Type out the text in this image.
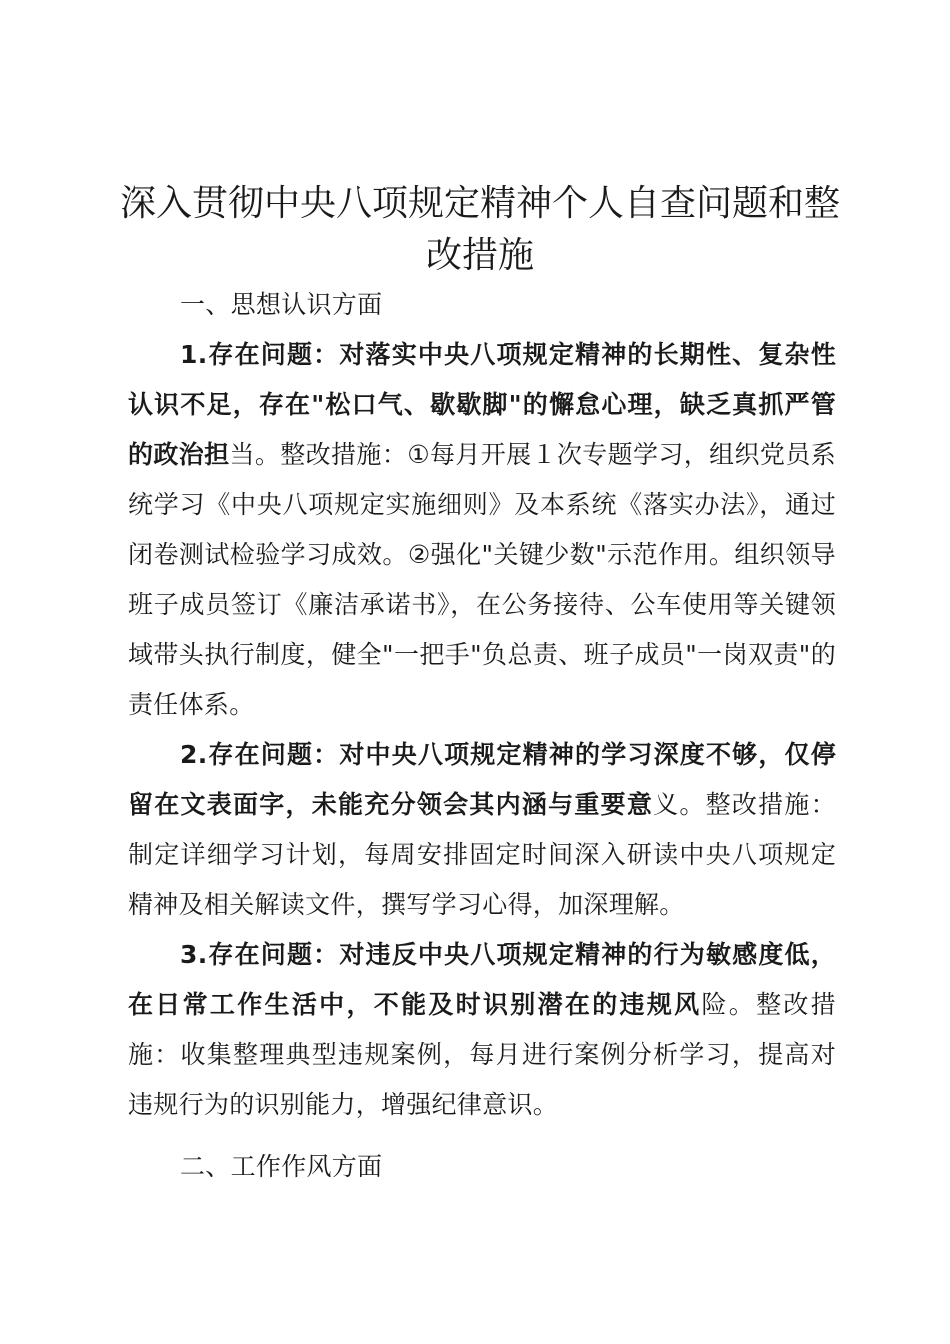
深入贯彻中央八项规定精神个人自查问题和整改措施

一、思想认识方面

1.存在问题：对落实中央八项规定精神的长期性、复杂性认识不足，存在"松口气、歇歇脚"的懈怠心理，缺乏真抓严管的政治担当。整改措施：①每月开展１次专题学习，组织党员系统学习《中央八项规定实施细则》及本系统《落实办法》，通过闭卷测试检验学习成效。②强化"关键少数"示范作用。组织领导班子成员签订《廉洁承诺书》，在公务接待、公车使用等关键领域带头执行制度，健全"一把手"负总责、班子成员"一岗双责"的责任体系。

2.存在问题：对中央八项规定精神的学习深度不够，仅停留在文表面字，未能充分领会其内涵与重要意义。整改措施：制定详细学习计划，每周安排固定时间深入研读中央八项规定精神及相关解读文件，撰写学习心得，加深理解。

3.存在问题：对违反中央八项规定精神的行为敏感度低，在日常工作生活中，不能及时识别潜在的违规风险。整改措施：收集整理典型违规案例，每月进行案例分析学习，提高对违规行为的识别能力，增强纪律意识。

二、工作作风方面
